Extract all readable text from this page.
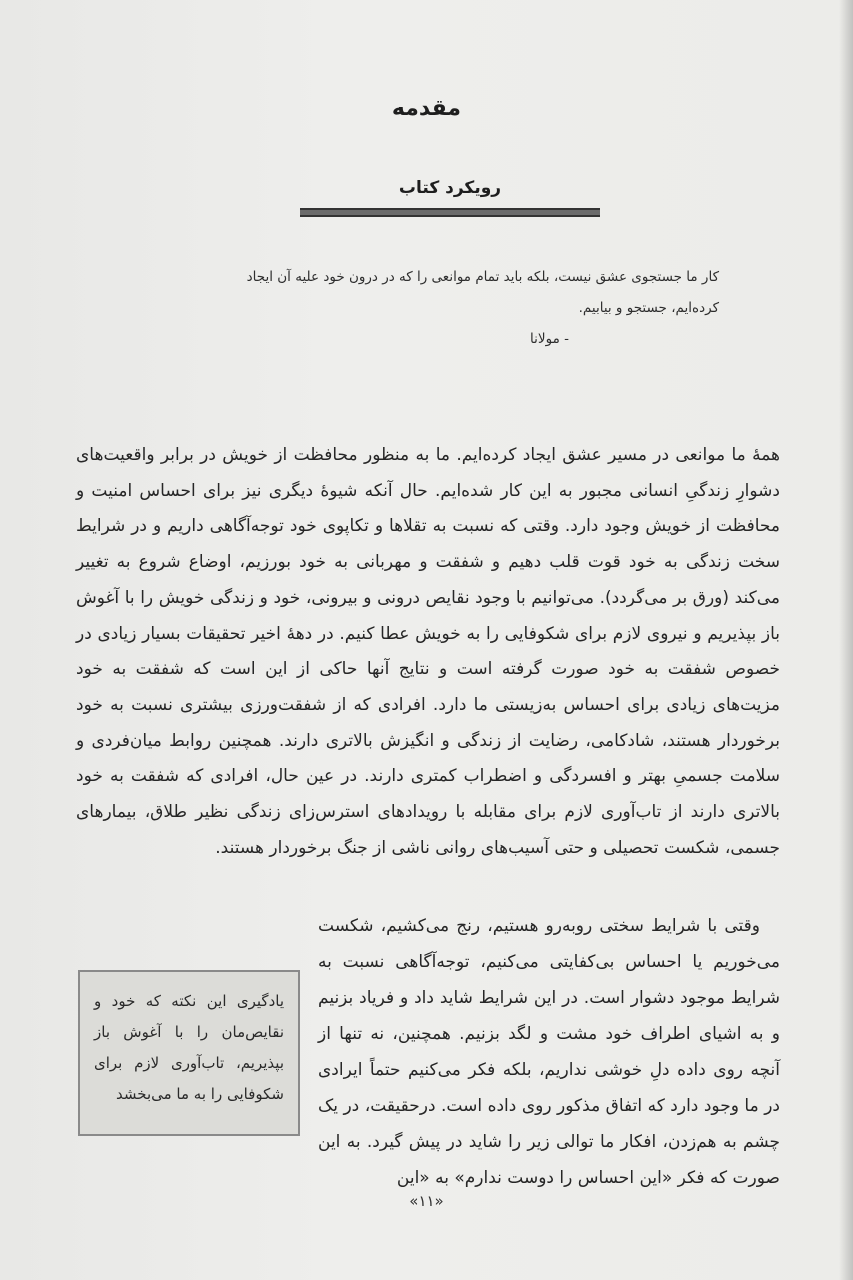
مقدمه
رویکرد کتاب
کار ما جستجوی عشق نیست، بلکه باید تمام موانعی را که در درون خود علیه آن ایجاد
کرده‌ایم، جستجو و بیابیم.
- مولانا

همهٔ ما موانعی در مسیر عشق ایجاد کرده‌ایم. ما به منظور محافظت از خویش در برابر واقعیت‌های دشوارِ زندگیِ انسانی مجبور به این کار شده‌ایم. حال آنکه شیوهٔ دیگری نیز برای احساس امنیت و محافظت از خویش وجود دارد. وقتی که نسبت به تقلاها و تکاپوی خود توجه‌آگاهی داریم و در شرایط سخت زندگی به خود قوت قلب دهیم و شفقت و مهربانی به خود بورزیم، اوضاع شروع به تغییر می‌کند (ورق بر می‌گردد). می‌توانیم با وجود نقایص درونی و بیرونی، خود و زندگی خویش را با آغوش باز بپذیریم و نیروی لازم برای شکوفایی را به خویش عطا کنیم. در دههٔ اخیر تحقیقات بسیار زیادی در خصوص شفقت به خود صورت گرفته است و نتایج آنها حاکی از این است که شفقت به خود مزیت‌های زیادی برای احساس به‌زیستی ما دارد. افرادی که از شفقت‌ورزی بیشتری نسبت به خود برخوردار هستند، شادکامی، رضایت از زندگی و انگیزش بالاتری دارند. همچنین روابط میان‌فردی و سلامت جسمیِ بهتر و افسردگی و اضطراب کمتری دارند. در عین حال، افرادی که شفقت به خود بالاتری دارند از تاب‌آوری لازم برای مقابله با رویدادهای استرس‌زای زندگی نظیر طلاق، بیمارهای جسمی، شکست تحصیلی و حتی آسیب‌های روانی ناشی از جنگ برخوردار هستند.

وقتی با شرایط سختی روبه‌رو هستیم، رنج می‌کشیم، شکست می‌خوریم یا احساس بی‌کفایتی می‌کنیم، توجه‌آگاهی نسبت به شرایط موجود دشوار است. در این شرایط شاید داد و فریاد بزنیم و به اشیای اطراف خود مشت و لگد بزنیم. همچنین، نه تنها از آنچه روی داده دلِ خوشی نداریم، بلکه فکر می‌کنیم حتماً ایرادی در ما وجود دارد که اتفاق مذکور روی داده است. درحقیقت، در یک چشم به هم‌زدن، افکار ما توالی زیر را شاید در پیش گیرد. به این صورت که فکر «این احساس را دوست ندارم» به «این

یادگیری این نکته که خود و نقایص‌مان را با آغوش باز بپذیریم، تاب‌آوری لازم برای شکوفایی را به ما می‌بخشد
«۱۱»
